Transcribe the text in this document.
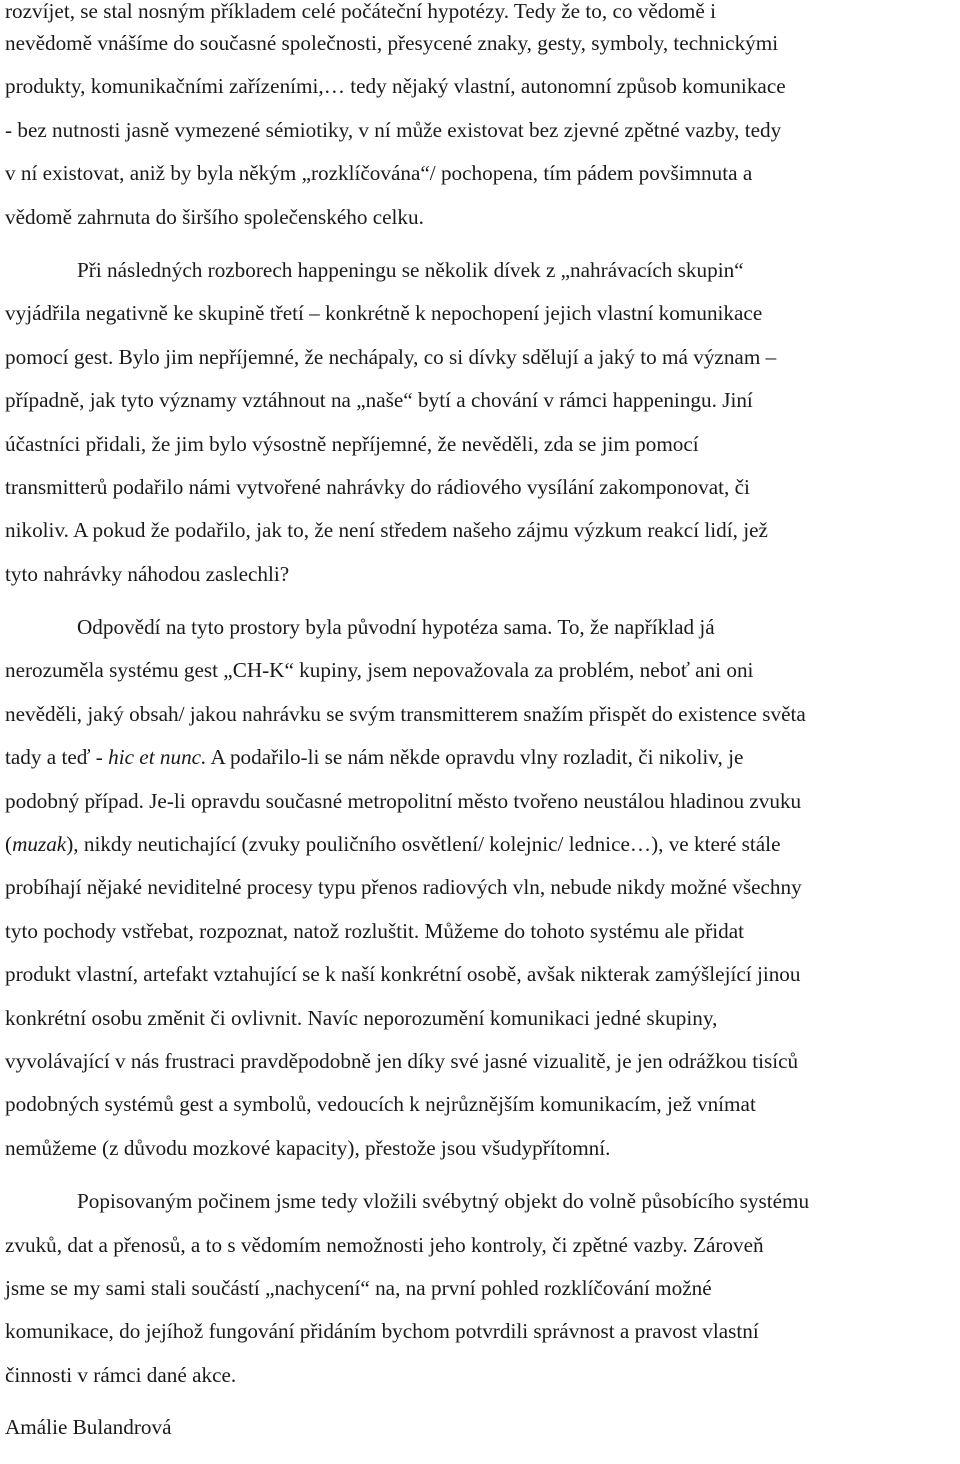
rozvíjet, se stal nosným příkladem celé počáteční hypotézy. Tedy že to, co vědomě i
nevědomě vnášíme do současné společnosti, přesycené znaky, gesty, symboly, technickými
produkty, komunikačními zařízeními,… tedy nějaký vlastní, autonomní způsob komunikace
- bez nutnosti jasně vymezené sémiotiky, v ní může existovat bez zjevné zpětné vazby, tedy
v ní existovat, aniž by byla někým „rozklíčována“/ pochopena, tím pádem povšimnuta a
vědomě zahrnuta do širšího společenského celku.
Při následných rozborech happeningu se několik dívek z „nahrávacích skupin“
vyjádřila negativně ke skupině třetí – konkrétně k nepochopení jejich vlastní komunikace
pomocí gest. Bylo jim nepříjemné, že nechápaly, co si dívky sdělují a jaký to má význam –
případně, jak tyto významy vztáhnout na „naše“ bytí a chování v rámci happeningu. Jiní
účastníci přidali, že jim bylo výsostně nepříjemné, že nevěděli, zda se jim pomocí
transmitterů podařilo námi vytvořené nahrávky do rádiového vysílání zakomponovat, či
nikoliv. A pokud že podařilo, jak to, že není středem našeho zájmu výzkum reakcí lidí, jež
tyto nahrávky náhodou zaslechli?
Odpovědí na tyto prostory byla původní hypotéza sama. To, že například já
nerozuměla systému gest „CH-K“ kupiny, jsem nepovažovala za problém, neboť ani oni
nevěděli, jaký obsah/ jakou nahrávku se svým transmitterem snažím přispět do existence světa
tady a teď - hic et nunc. A podařilo-li se nám někde opravdu vlny rozladit, či nikoliv, je
podobný případ. Je-li opravdu současné metropolitní město tvořeno neustálou hladinou zvuku
(muzak), nikdy neutichající (zvuky pouličního osvětlení/ kolejnic/ lednice…), ve které stále
probíhají nějaké neviditelné procesy typu přenos radiových vln, nebude nikdy možné všechny
tyto pochody vstřebat, rozpoznat, natož rozluštit. Můžeme do tohoto systému ale přidat
produkt vlastní, artefakt vztahující se k naší konkrétní osobě, avšak nikterak zamýšlející jinou
konkrétní osobu změnit či ovlivnit. Navíc neporozumění komunikaci jedné skupiny,
vyvolávající v nás frustraci pravděpodobně jen díky své jasné vizualitě, je jen odrážkou tisíců
podobných systémů gest a symbolů, vedoucích k nejrůznějším komunikacím, jež vnímat
nemůžeme (z důvodu mozkové kapacity), přestože jsou všudypřítomní.
Popisovaným počinem jsme tedy vložili svébytný objekt do volně působícího systému
zvuků, dat a přenosů, a to s vědomím nemožnosti jeho kontroly, či zpětné vazby. Zároveň
jsme se my sami stali součástí „nachycení“ na, na první pohled rozklíčování možné
komunikace, do jejíhož fungování přidáním bychom potvrdili správnost a pravost vlastní
činnosti v rámci dané akce.
Amálie Bulandrová
